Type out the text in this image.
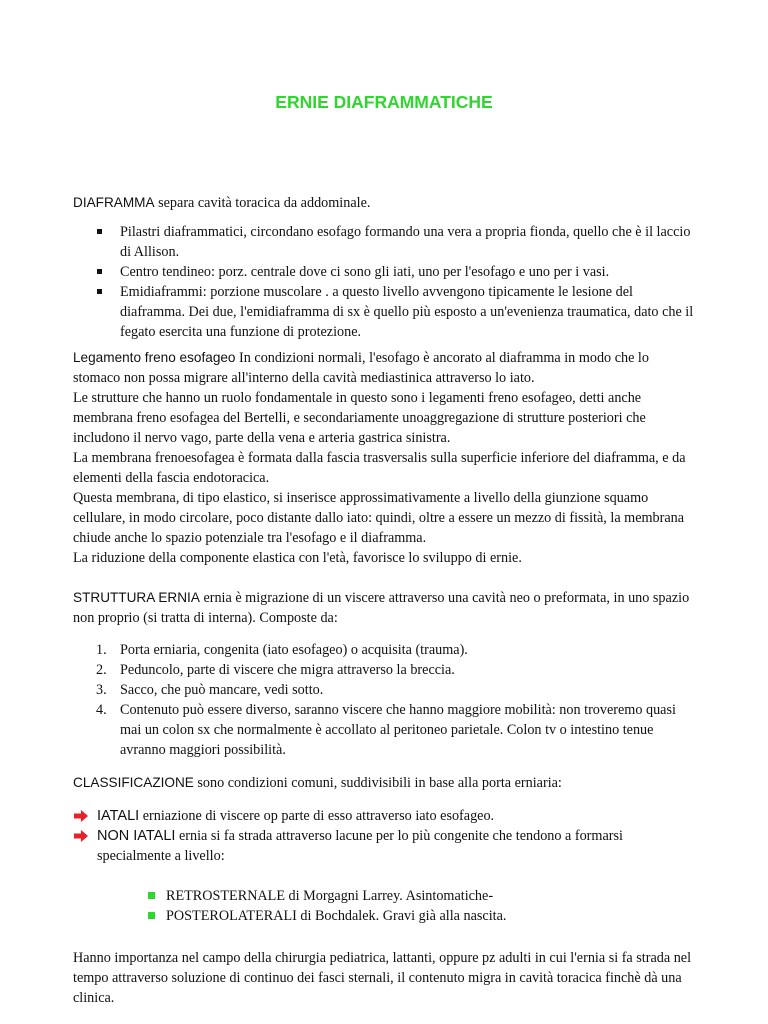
ERNIE DIAFRAMMATICHE

DIAFRAMMA separa cavità toracica da addominale.

Pilastri diaframmatici, circondano esofago formando una vera a propria fionda, quello che è il laccio di Allison.
Centro tendineo: porz. centrale dove ci sono gli iati, uno per l'esofago e uno per i vasi.
Emidiaframmi: porzione muscolare . a questo livello avvengono tipicamente le lesione del diaframma. Dei due, l'emidiaframma di sx è quello più esposto a un'evenienza traumatica, dato che il fegato esercita una funzione di protezione.
Legamento freno esofageo In condizioni normali, l'esofago è ancorato al diaframma in modo che lo stomaco non possa migrare all'interno della cavità mediastinica attraverso lo iato.
Le strutture che hanno un ruolo fondamentale in questo sono i legamenti freno esofageo, detti anche membrana freno esofagea del Bertelli, e secondariamente unoaggregazione di strutture posteriori che includono il nervo vago, parte della vena e arteria gastrica sinistra.
La membrana frenoesofagea è formata dalla fascia trasversalis sulla superficie inferiore del diaframma, e da elementi della fascia endotoracica.
Questa membrana, di tipo elastico, si inserisce approssimativamente a livello della giunzione squamo cellulare, in modo circolare, poco distante dallo iato: quindi, oltre a essere un mezzo di fissità, la membrana chiude anche lo spazio potenziale tra l'esofago e il diaframma.
La riduzione della componente elastica con l'età, favorisce lo sviluppo di ernie.

STRUTTURA ERNIA ernia è migrazione di un viscere attraverso una cavità neo o preformata, in uno spazio non proprio (si tratta di interna). Composte da:

1. Porta erniaria, congenita (iato esofageo) o acquisita (trauma).
2. Peduncolo, parte di viscere che migra attraverso la breccia.
3. Sacco, che può mancare, vedi sotto.
4. Contenuto può essere diverso, saranno viscere che hanno maggiore mobilità: non troveremo quasi mai un colon sx che normalmente è accollato al peritoneo parietale. Colon tv o intestino tenue avranno maggiori possibilità.

CLASSIFICAZIONE sono condizioni comuni, suddivisibili in base alla porta erniaria:

IATALI erniazione di viscere op parte di esso attraverso iato esofageo.
NON IATALI ernia si fa strada attraverso lacune per lo più congenite che tendono a formarsi specialmente a livello:
RETROSTERNALE di Morgagni Larrey. Asintomatiche-
POSTEROLATERALI di Bochdalek. Gravi già alla nascita.

Hanno importanza nel campo della chirurgia pediatrica, lattanti, oppure pz adulti in cui l'ernia si fa strada nel tempo attraverso soluzione di continuo dei fasci sternali, il contenuto migra in cavità toracica finchè dà una clinica.
